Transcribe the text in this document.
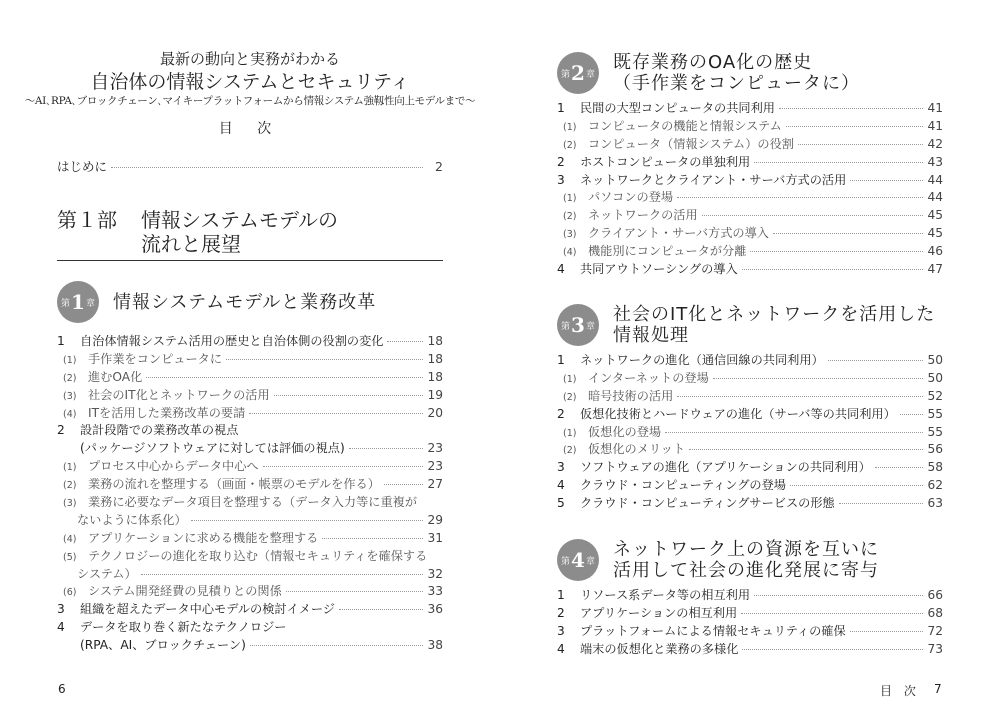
最新の動向と実務がわかる
自治体の情報システムとセキュリティ
〜AI､RPA､ブロックチェーン､マイキープラットフォームから情報システム強靱性向上モデルまで〜
目 次
はじめに	2
第１部 情報システムモデルの
流れと展望
第 1 章 情報システムモデルと業務改革
1	自治体情報システム活用の歴史と自治体側の役割の変化	18
(1) 手作業をコンピュータに	18
(2) 進むOA化	18
(3) 社会のIT化とネットワークの活用	19
(4) ITを活用した業務改革の要請	20
2	設計段階での業務改革の視点
(パッケージソフトウェアに対しては評価の視点)	23
(1) プロセス中心からデータ中心へ	23
(2) 業務の流れを整理する（画面・帳票のモデルを作る）	27
(3) 業務に必要なデータ項目を整理する（データ入力等に重複が
ないように体系化）	29
(4) アプリケーションに求める機能を整理する	31
(5) テクノロジーの進化を取り込む（情報セキュリティを確保する
システム）	32
(6) システム開発経費の見積りとの関係	33
3	組織を超えたデータ中心モデルの検討イメージ	36
4	データを取り巻く新たなテクノロジー
(RPA、AI、ブロックチェーン)	38
第 2 章
既存業務のOA化の歴史
（手作業をコンピュータに）
1	民間の大型コンピュータの共同利用	41
(1) コンピュータの機能と情報システム	41
(2) コンピュータ（情報システム）の役割	42
2	ホストコンピュータの単独利用	43
3	ネットワークとクライアント・サーバ方式の活用	44
(1) パソコンの登場	44
(2) ネットワークの活用	45
(3) クライアント・サーバ方式の導入	45
(4) 機能別にコンピュータが分離	46
4	共同アウトソーシングの導入	47
第 3 章
社会のIT化とネットワークを活用した
情報処理
1	ネットワークの進化（通信回線の共同利用）	50
(1) インターネットの登場	50
(2) 暗号技術の活用	52
2	仮想化技術とハードウェアの進化（サーバ等の共同利用）	55
(1) 仮想化の登場	55
(2) 仮想化のメリット	56
3	ソフトウェアの進化（アプリケーションの共同利用）	58
4	クラウド・コンピューティングの登場	62
5	クラウド・コンピューティングサービスの形態	63
第 4 章
ネットワーク上の資源を互いに
活用して社会の進化発展に寄与
1	リソース系データ等の相互利用	66
2	アプリケーションの相互利用	68
3	プラットフォームによる情報セキュリティの確保	72
4	端末の仮想化と業務の多様化	73
6	目 次 7
